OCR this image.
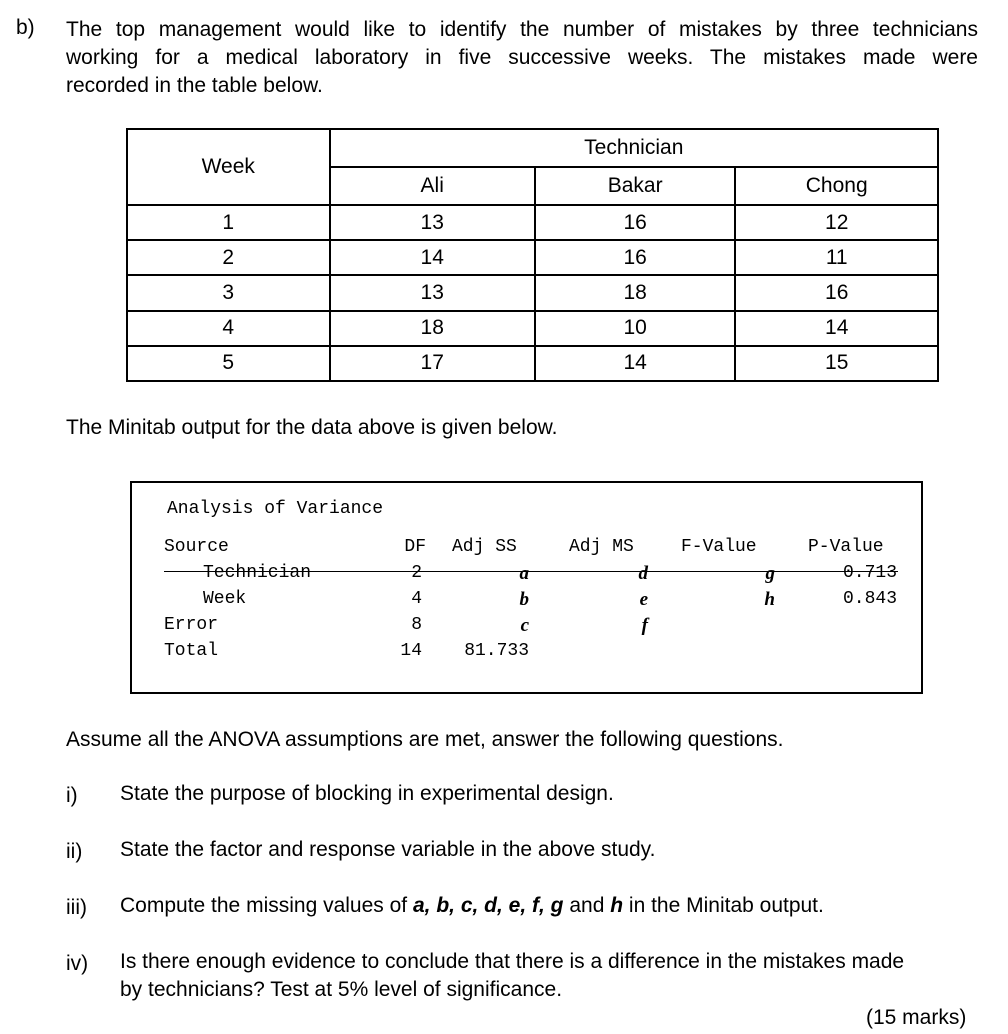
b) The top management would like to identify the number of mistakes by three technicians
working for a medical laboratory in five successive weeks. The mistakes made were
recorded in the table below.
Week	Technician		
	Ali	Bakar	Chong
1	13	16	12
2	14	16	11
3	13	18	16
4	18	10	14
5	17	14	15
The Minitab output for the data above is given below.
Analysis of Variance
Source	DF Adj SS	Adj MS	F-Value	P-Value
Technician	2	a	d	g	0.713
Week	4	b	e	h	0.843
Error	8	c	f
Total	14	81.733
Assume all the ANOVA assumptions are met, answer the following questions.
i) State the purpose of blocking in experimental design.
ii) State the factor and response variable in the above study.
iii) Compute the missing values of a, b, c, d, e, f, g and h in the Minitab output.
iv) Is there enough evidence to conclude that there is a difference in the mistakes made
by technicians? Test at 5% level of significance.
(15 marks)
